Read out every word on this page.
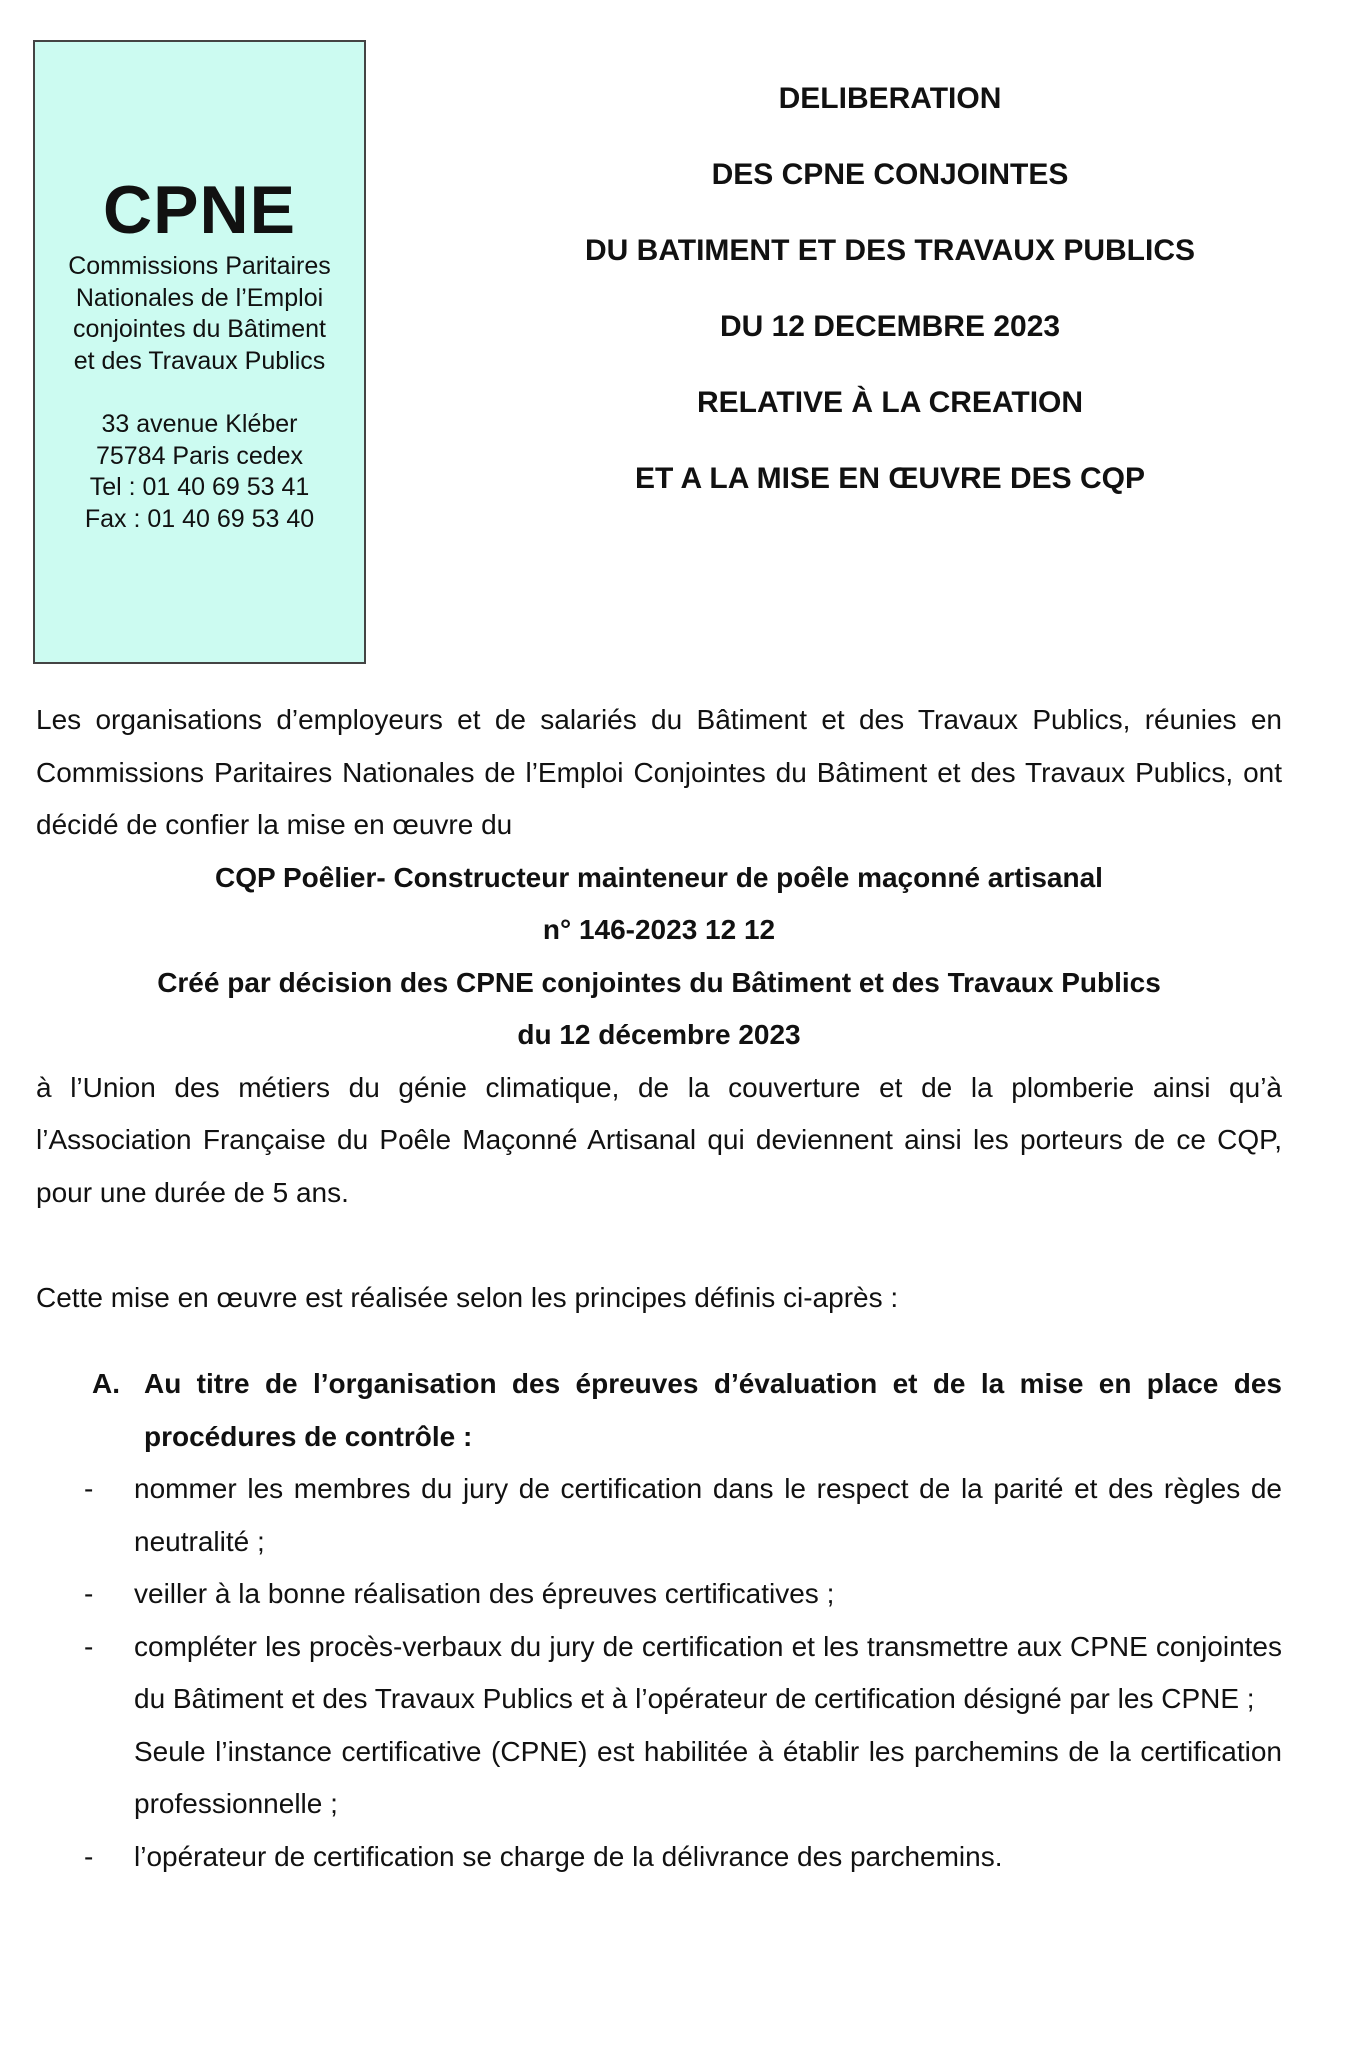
CPNE
Commissions Paritaires
Nationales de l’Emploi
conjointes du Bâtiment
et des Travaux Publics
33 avenue Kléber
75784 Paris cedex
Tel : 01 40 69 53 41
Fax : 01 40 69 53 40
DELIBERATION
DES CPNE CONJOINTES
DU BATIMENT ET DES TRAVAUX PUBLICS
DU 12 DECEMBRE 2023
RELATIVE À LA CREATION
ET A LA MISE EN ŒUVRE DES CQP

Les organisations d’employeurs et de salariés du Bâtiment et des Travaux Publics, réunies en Commissions Paritaires Nationales de l’Emploi Conjointes du Bâtiment et des Travaux Publics, ont décidé de confier la mise en œuvre du

CQP Poêlier- Constructeur mainteneur de poêle maçonné artisanal

n° 146-2023 12 12

Créé par décision des CPNE conjointes du Bâtiment et des Travaux Publics

du 12 décembre 2023

à l’Union des métiers du génie climatique, de la couverture et de la plomberie ainsi qu’à l’Association Française du Poêle Maçonné Artisanal qui deviennent ainsi les porteurs de ce CQP, pour une durée de 5 ans.

Cette mise en œuvre est réalisée selon les principes définis ci-après :

A. Au titre de l’organisation des épreuves d’évaluation et de la mise en place des procédures de contrôle :

- nommer les membres du jury de certification dans le respect de la parité et des règles de neutralité ;

- veiller à la bonne réalisation des épreuves certificatives ;

- compléter les procès-verbaux du jury de certification et les transmettre aux CPNE conjointes du Bâtiment et des Travaux Publics et à l’opérateur de certification désigné par les CPNE ;

Seule l’instance certificative (CPNE) est habilitée à établir les parchemins de la certification professionnelle ;

- l’opérateur de certification se charge de la délivrance des parchemins.
